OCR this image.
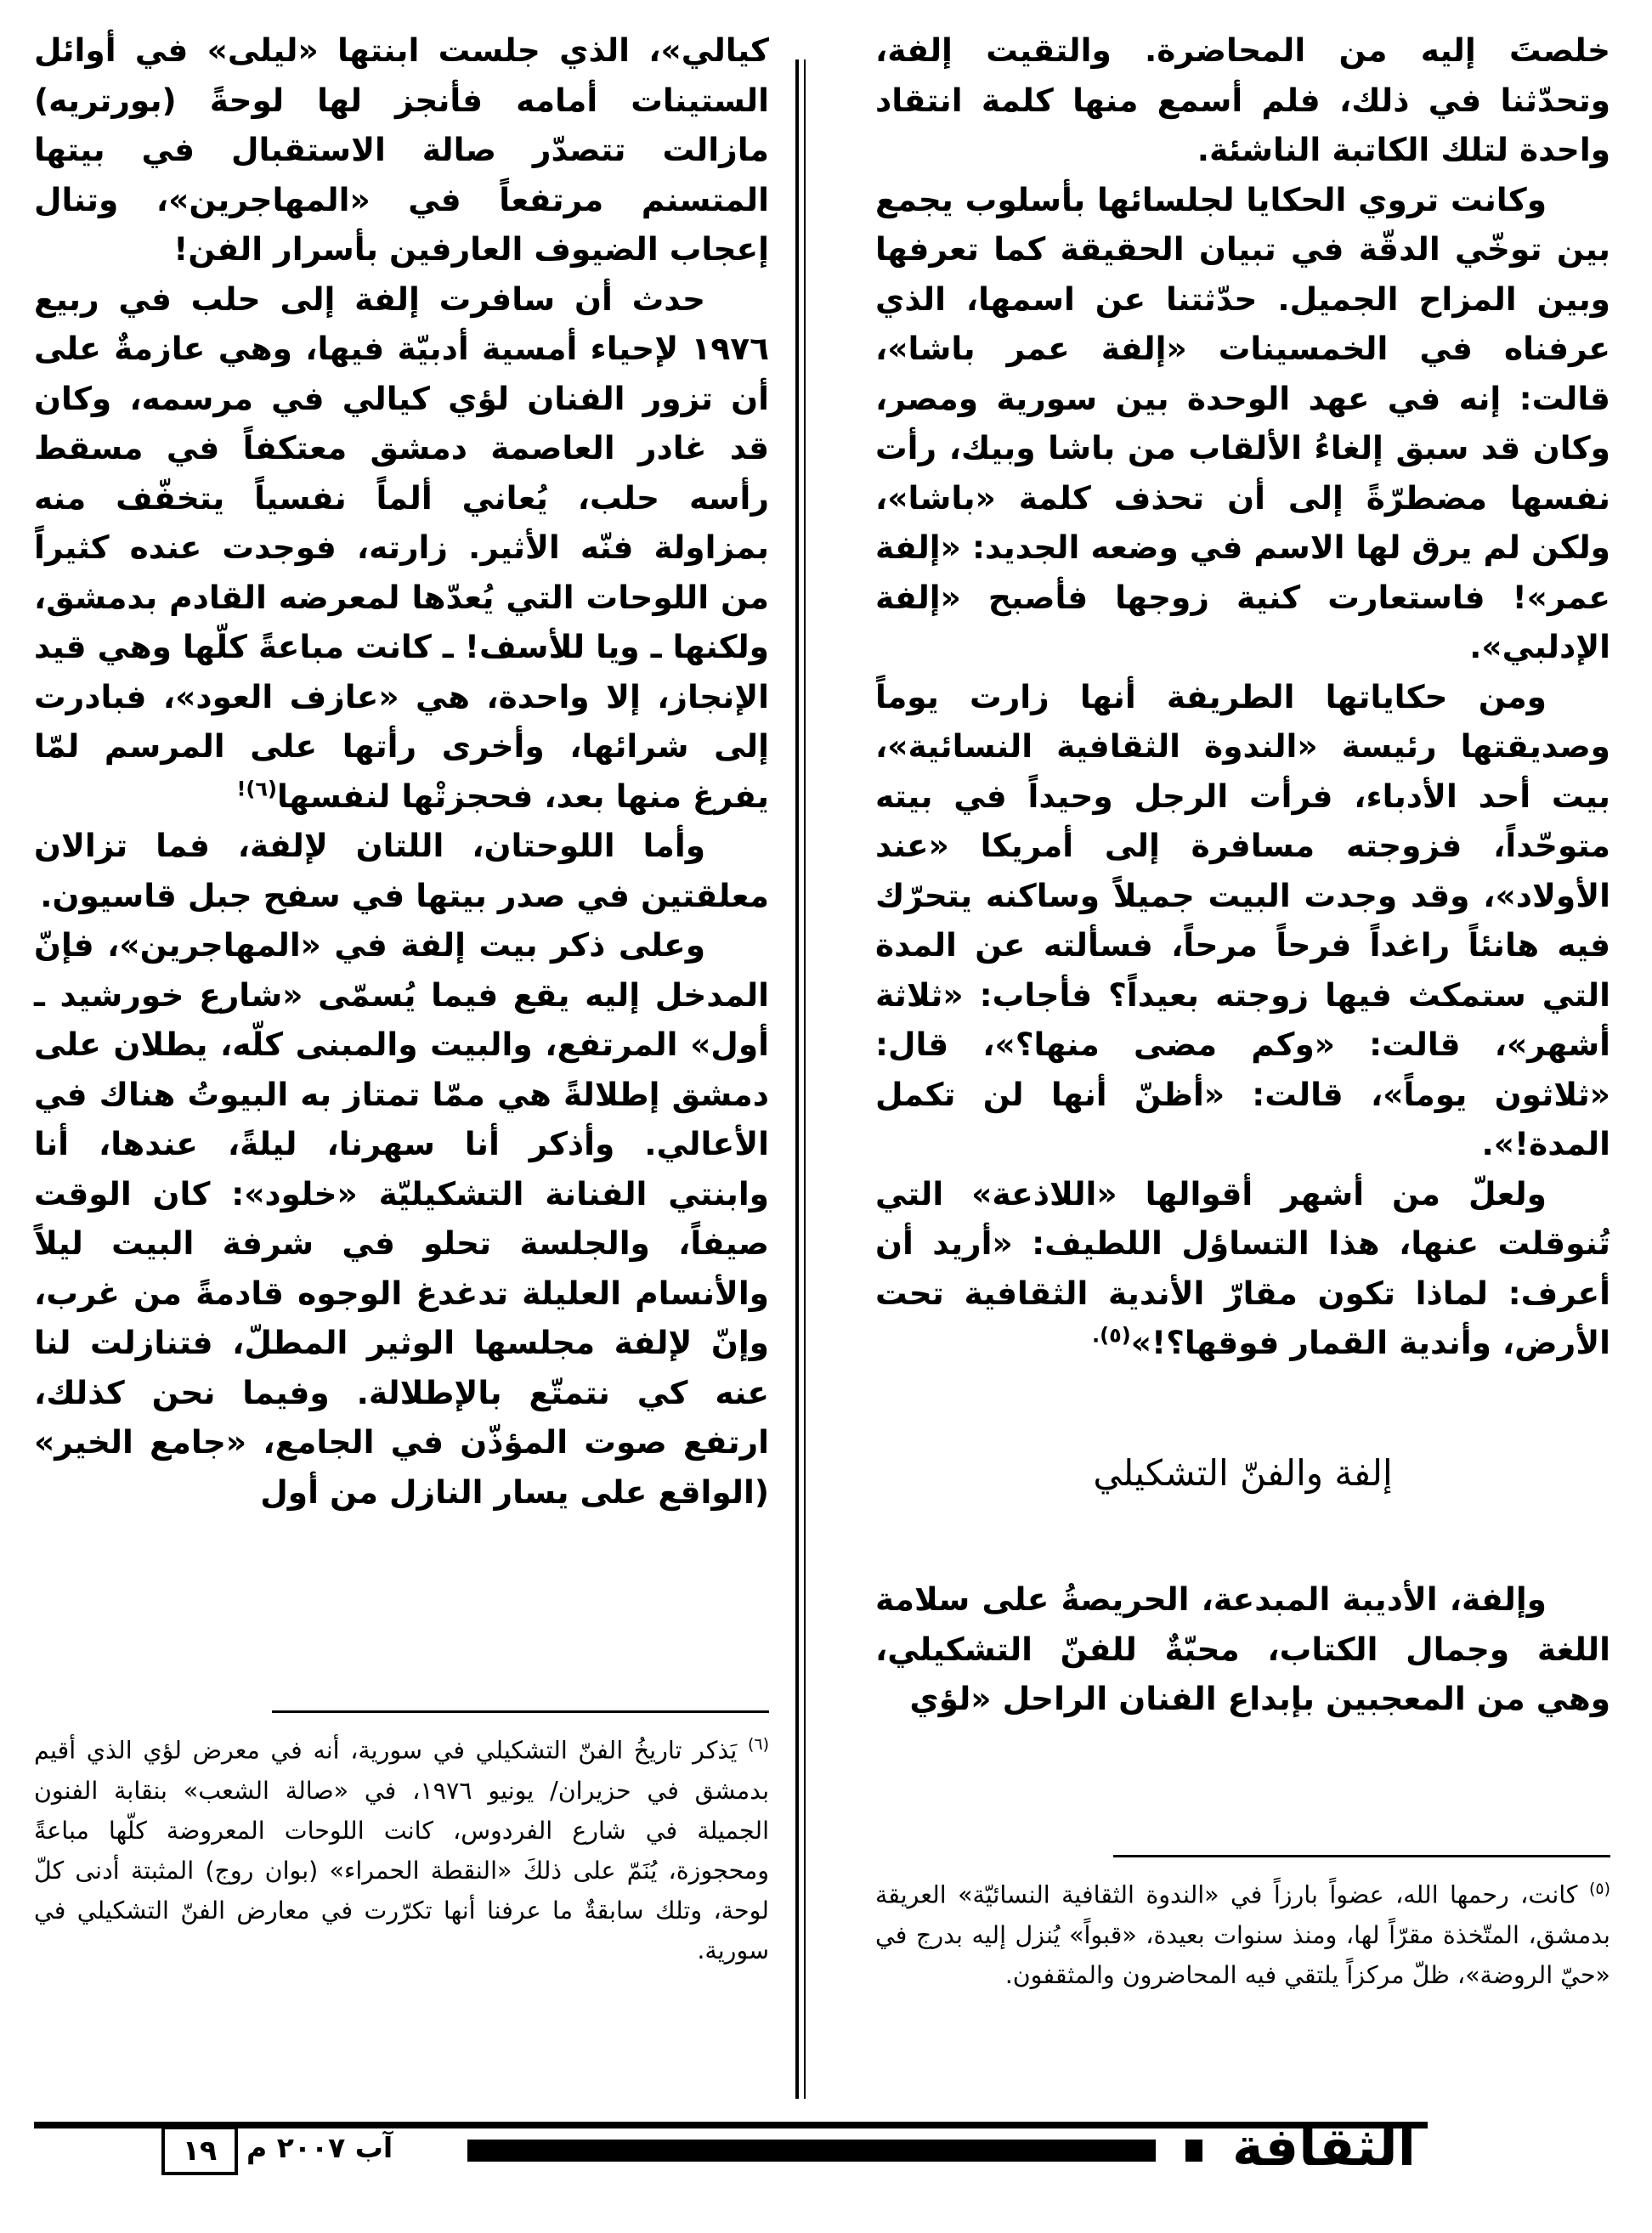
خلصتَ إليه من المحاضرة. والتقيت إلفة، وتحدّثنا في ذلك، فلم أسمع منها كلمة انتقاد واحدة لتلك الكاتبة الناشئة.

وكانت تروي الحكايا لجلسائها بأسلوب يجمع بين توخّي الدقّة في تبيان الحقيقة كما تعرفها وبين المزاح الجميل. حدّثتنا عن اسمها، الذي عرفناه في الخمسينات «إلفة عمر باشا»، قالت: إنه في عهد الوحدة بين سورية ومصر، وكان قد سبق إلغاءُ الألقاب من باشا وبيك، رأت نفسها مضطرّةً إلى أن تحذف كلمة «باشا»، ولكن لم يرق لها الاسم في وضعه الجديد: «إلفة عمر»! فاستعارت كنية زوجها فأصبح «إلفة الإدلبي».

ومن حكاياتها الطريفة أنها زارت يوماً وصديقتها رئيسة «الندوة الثقافية النسائية»، بيت أحد الأدباء، فرأت الرجل وحيداً في بيته متوحّداً، فزوجته مسافرة إلى أمريكا «عند الأولاد»، وقد وجدت البيت جميلاً وساكنه يتحرّك فيه هانئاً راغداً فرحاً مرحاً، فسألته عن المدة التي ستمكث فيها زوجته بعيداً؟ فأجاب: «ثلاثة أشهر»، قالت: «وكم مضى منها؟»، قال: «ثلاثون يوماً»، قالت: «أظنّ أنها لن تكمل المدة!».

ولعلّ من أشهر أقوالها «اللاذعة» التي تُنوقلت عنها، هذا التساؤل اللطيف: «أريد أن أعرف: لماذا تكون مقارّ الأندية الثقافية تحت الأرض، وأندية القمار فوقها؟!»$^{(٥).}$

إلفة والفنّ التشكيلي

وإلفة، الأديبة المبدعة، الحريصةُ على سلامة اللغة وجمال الكتاب، محبّةٌ للفنّ التشكيلي، وهي من المعجبين بإبداع الفنان الراحل «لؤي

كيالي»، الذي جلست ابنتها «ليلى» في أوائل الستينات أمامه فأنجز لها لوحةً (بورتريه) مازالت تتصدّر صالة الاستقبال في بيتها المتسنم مرتفعاً في «المهاجرين»، وتنال إعجاب الضيوف العارفين بأسرار الفن!

حدث أن سافرت إلفة إلى حلب في ربيع ١٩٧٦ لإحياء أمسية أدبيّة فيها، وهي عازمةٌ على أن تزور الفنان لؤي كيالي في مرسمه، وكان قد غادر العاصمة دمشق معتكفاً في مسقط رأسه حلب، يُعاني ألماً نفسياً يتخفّف منه بمزاولة فنّه الأثير. زارته، فوجدت عنده كثيراً من اللوحات التي يُعدّها لمعرضه القادم بدمشق، ولكنها ـ ويا للأسف! ـ كانت مباعةً كلّها وهي قيد الإنجاز، إلا واحدة، هي «عازف العود»، فبادرت إلى شرائها، وأخرى رأتها على المرسم لمّا يفرغ منها بعد، فحجزتْها لنفسها$^{(٦)!}$

وأما اللوحتان، اللتان لإلفة، فما تزالان معلقتين في صدر بيتها في سفح جبل قاسيون.

وعلى ذكر بيت إلفة في «المهاجرين»، فإنّ المدخل إليه يقع فيما يُسمّى «شارع خورشيد ـ أول» المرتفع، والبيت والمبنى كلّه، يطلان على دمشق إطلالةً هي ممّا تمتاز به البيوتُ هناك في الأعالي. وأذكر أنا سهرنا، ليلةً، عندها، أنا وابنتي الفنانة التشكيليّة «خلود»: كان الوقت صيفاً، والجلسة تحلو في شرفة البيت ليلاً والأنسام العليلة تدغدغ الوجوه قادمةً من غرب، وإنّ لإلفة مجلسها الوثير المطلّ، فتنازلت لنا عنه كي نتمتّع بالإطلالة. وفيما نحن كذلك، ارتفع صوت المؤذّن في الجامع، «جامع الخير» (الواقع على يسار النازل من أول

$^{(٥)}$ كانت، رحمها الله، عضواً بارزاً في «الندوة الثقافية النسائيّة» العريقة بدمشق، المتّخذة مقرّاً لها، ومنذ سنوات بعيدة، «قبواً» يُنزل إليه بدرج في «حيّ الروضة»، ظلّ مركزاً يلتقي فيه المحاضرون والمثقفون.
$^{(٦)}$ يَذكر تاريخُ الفنّ التشكيلي في سورية، أنه في معرض لؤي الذي أقيم بدمشق في حزيران/ يونيو ١٩٧٦، في «صالة الشعب» بنقابة الفنون الجميلة في شارع الفردوس، كانت اللوحات المعروضة كلّها مباعةً ومحجوزة، يُنَمّ على ذلكَ «النقطة الحمراء» (بوان روج) المثبتة أدنى كلّ لوحة، وتلك سابقةٌ ما عرفنا أنها تكرّرت في معارض الفنّ التشكيلي في سورية.
الثقافة
آب ٢٠٠٧ م
١٩
